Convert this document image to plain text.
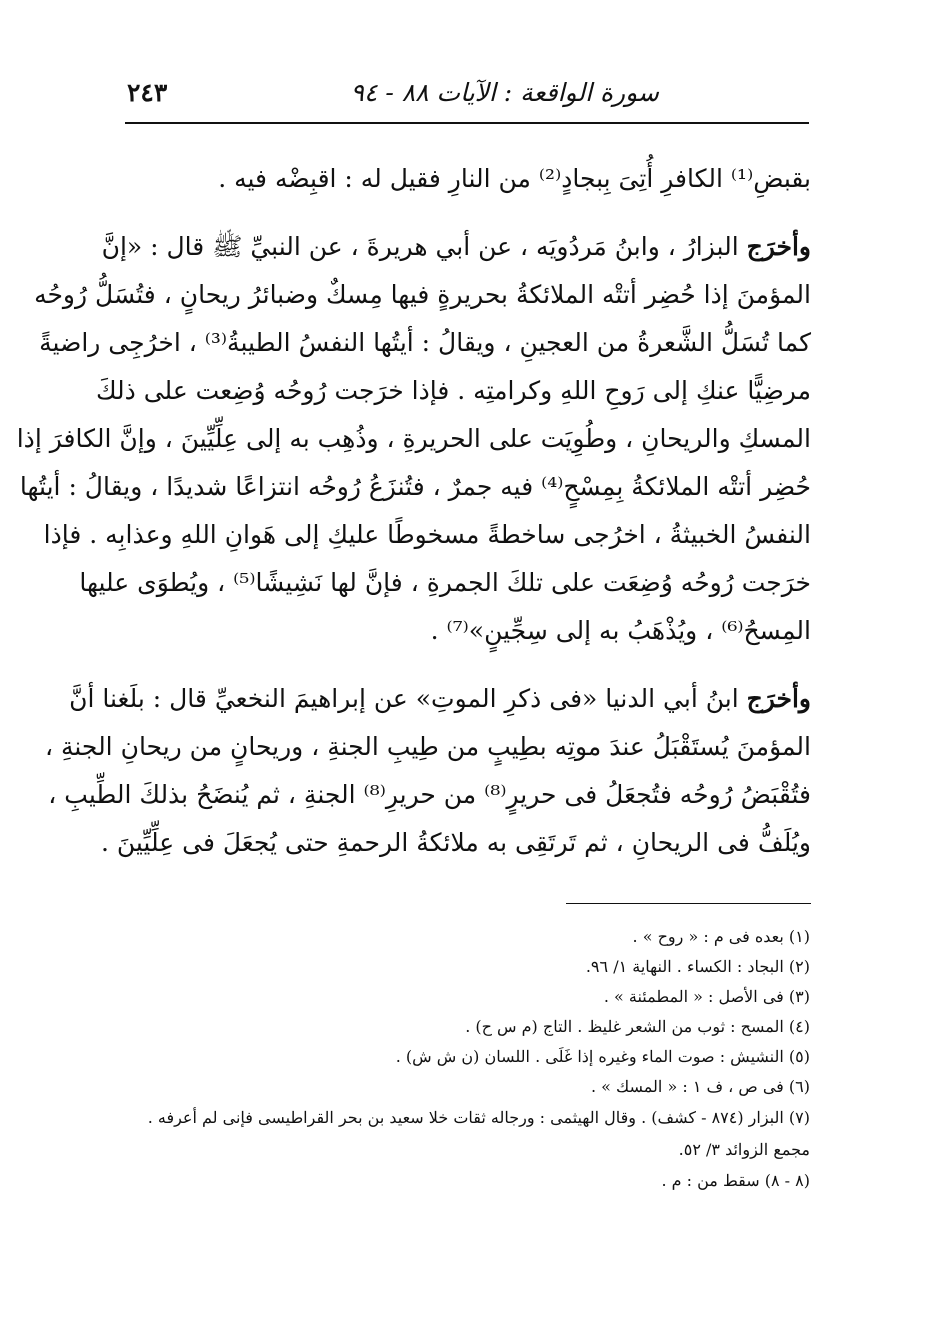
سورة الواقعة : الآيات ٨٨ - ٩٤
٢٤٣
بقبضِ⁽¹⁾ الكافرِ أُتِىَ بِبجادٍ⁽²⁾ من النارِ فقيل له : اقبِضْه فيه .
وأخرَج البزارُ ، وابنُ مَردُويَه ، عن أبي هريرةَ ، عن النبيِّ ﷺ قال : «إنَّ
المؤمنَ إذا حُضِر أتتْه الملائكةُ بحريرةٍ فيها مِسكٌ وضبائرُ ريحانٍ ، فتُسَلُّ رُوحُه
كما تُسَلُّ الشَّعرةُ من العجينِ ، ويقالُ : أيتُها النفسُ الطيبةُ⁽³⁾ ، اخرُجِى راضيةً
مرضِيًّا عنكِ إلى رَوحِ اللهِ وكرامتِه . فإذا خرَجت رُوحُه وُضِعت على ذلكَ
المسكِ والريحانِ ، وطُوِيَت على الحريرةِ ، وذُهِب به إلى عِلِّيِّينَ ، وإنَّ الكافرَ إذا
حُضِر أتتْه الملائكةُ بِمِسْحٍ⁽⁴⁾ فيه جمرٌ ، فتُنزَعُ رُوحُه انتزاعًا شديدًا ، ويقالُ : أيتُها
النفسُ الخبيثةُ ، اخرُجى ساخطةً مسخوطًا عليكِ إلى هَوانِ اللهِ وعذابِه . فإذا
خرَجت رُوحُه وُضِعَت على تلكَ الجمرةِ ، فإنَّ لها نَشِيشًا⁽⁵⁾ ، ويُطوَى عليها
المِسحُ⁽⁶⁾ ، ويُذْهَبُ به إلى سِجِّينٍ»⁽⁷⁾ .
وأخرَج ابنُ أبي الدنيا «فى ذكرِ الموتِ» عن إبراهيمَ النخعيِّ قال : بلَغنا أنَّ
المؤمنَ يُستَقْبَلُ عندَ موتِه بطِيبٍ من طِيبِ الجنةِ ، وريحانٍ من ريحانِ الجنةِ ،
فتُقْبَضُ رُوحُه فتُجعَلُ فى حريرٍ⁽⁸⁾ من حريرِ⁽⁸⁾ الجنةِ ، ثم يُنضَحُ بذلكَ الطِّيبِ ،
ويُلَفُّ فى الريحانِ ، ثم تَرتَقِى به ملائكةُ الرحمةِ حتى يُجعَلَ فى عِلِّيِّينَ .
(١) بعده فى م : « روح » .
(٢) البجاد : الكساء . النهاية ١/ ٩٦.
(٣) فى الأصل : « المطمئنة » .
(٤) المسح : ثوب من الشعر غليظ . التاج (م س ح) .
(٥) النشيش : صوت الماء وغيره إذا غَلَى . اللسان (ن ش ش) .
(٦) فى ص ، ف ١ : « المسك » .
(٧) البزار (٨٧٤ - كشف) . وقال الهيثمى : ورجاله ثقات خلا سعيد بن بحر القراطيسى فإنى لم أعرفه . مجمع الزوائد ٣/ ٥٢.
(٨ - ٨) سقط من : م .
